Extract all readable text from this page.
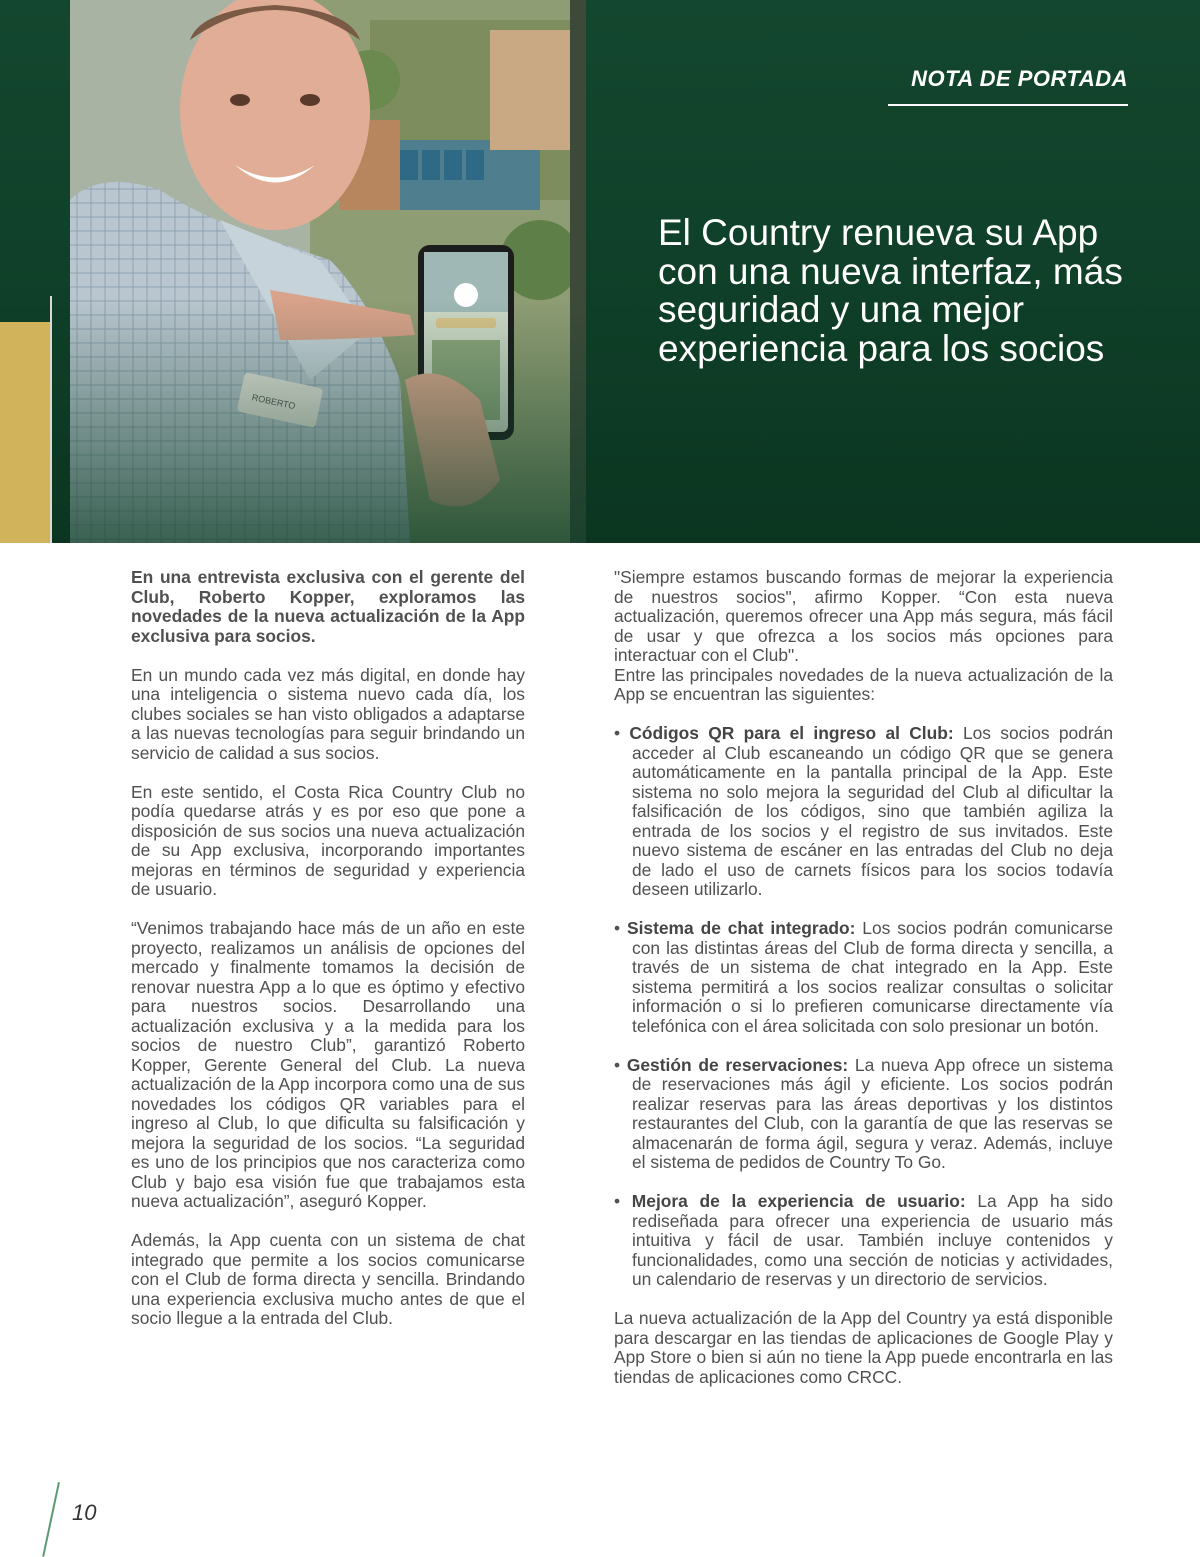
NOTA DE PORTADA
El Country renueva su App con una nueva interfaz, más seguridad y una mejor experiencia para los socios

En una entrevista exclusiva con el gerente del Club, Roberto Kopper, exploramos las novedades de la nueva actualización de la App exclusiva para socios.

En un mundo cada vez más digital, en donde hay una inteligencia o sistema nuevo cada día, los clubes sociales se han visto obligados a adaptarse a las nuevas tecnologías para seguir brindando un servicio de calidad a sus socios.

En este sentido, el Costa Rica Country Club no podía quedarse atrás y es por eso que pone a disposición de sus socios una nueva actualización de su App exclusiva, incorporando importantes mejoras en términos de seguridad y experiencia de usuario.

“Venimos trabajando hace más de un año en este proyecto, realizamos un análisis de opciones del mercado y finalmente tomamos la decisión de renovar nuestra App a lo que es óptimo y efectivo para nuestros socios. Desarrollando una actualización exclusiva y a la medida para los socios de nuestro Club”, garantizó Roberto Kopper, Gerente General del Club. La nueva actualización de la App incorpora como una de sus novedades los códigos QR variables para el ingreso al Club, lo que dificulta su falsificación y mejora la seguridad de los socios. “La seguridad es uno de los principios que nos caracteriza como Club y bajo esa visión fue que trabajamos esta nueva actualización”, aseguró Kopper.

Además, la App cuenta con un sistema de chat integrado que permite a los socios comunicarse con el Club de forma directa y sencilla. Brindando una experiencia exclusiva mucho antes de que el socio llegue a la entrada del Club.

"Siempre estamos buscando formas de mejorar la experiencia de nuestros socios", afirmo Kopper. “Con esta nueva actualización, queremos ofrecer una App más segura, más fácil de usar y que ofrezca a los socios más opciones para interactuar con el Club".

Entre las principales novedades de la nueva actualización de la App se encuentran las siguientes:

• Códigos QR para el ingreso al Club: Los socios podrán acceder al Club escaneando un código QR que se genera automáticamente en la pantalla principal de la App. Este sistema no solo mejora la seguridad del Club al dificultar la falsificación de los códigos, sino que también agiliza la entrada de los socios y el registro de sus invitados. Este nuevo sistema de escáner en las entradas del Club no deja de lado el uso de carnets físicos para los socios todavía deseen utilizarlo.

• Sistema de chat integrado: Los socios podrán comunicarse con las distintas áreas del Club de forma directa y sencilla, a través de un sistema de chat integrado en la App. Este sistema permitirá a los socios realizar consultas o solicitar información o si lo prefieren comunicarse directamente vía telefónica con el área solicitada con solo presionar un botón.

• Gestión de reservaciones: La nueva App ofrece un sistema de reservaciones más ágil y eficiente. Los socios podrán realizar reservas para las áreas deportivas y los distintos restaurantes del Club, con la garantía de que las reservas se almacenarán de forma ágil, segura y veraz. Además, incluye el sistema de pedidos de Country To Go.

• Mejora de la experiencia de usuario: La App ha sido rediseñada para ofrecer una experiencia de usuario más intuitiva y fácil de usar. También incluye contenidos y funcionalidades, como una sección de noticias y actividades, un calendario de reservas y un directorio de servicios.

La nueva actualización de la App del Country ya está disponible para descargar en las tiendas de aplicaciones de Google Play y App Store o bien si aún no tiene la App puede encontrarla en las tiendas de aplicaciones como CRCC.

10
